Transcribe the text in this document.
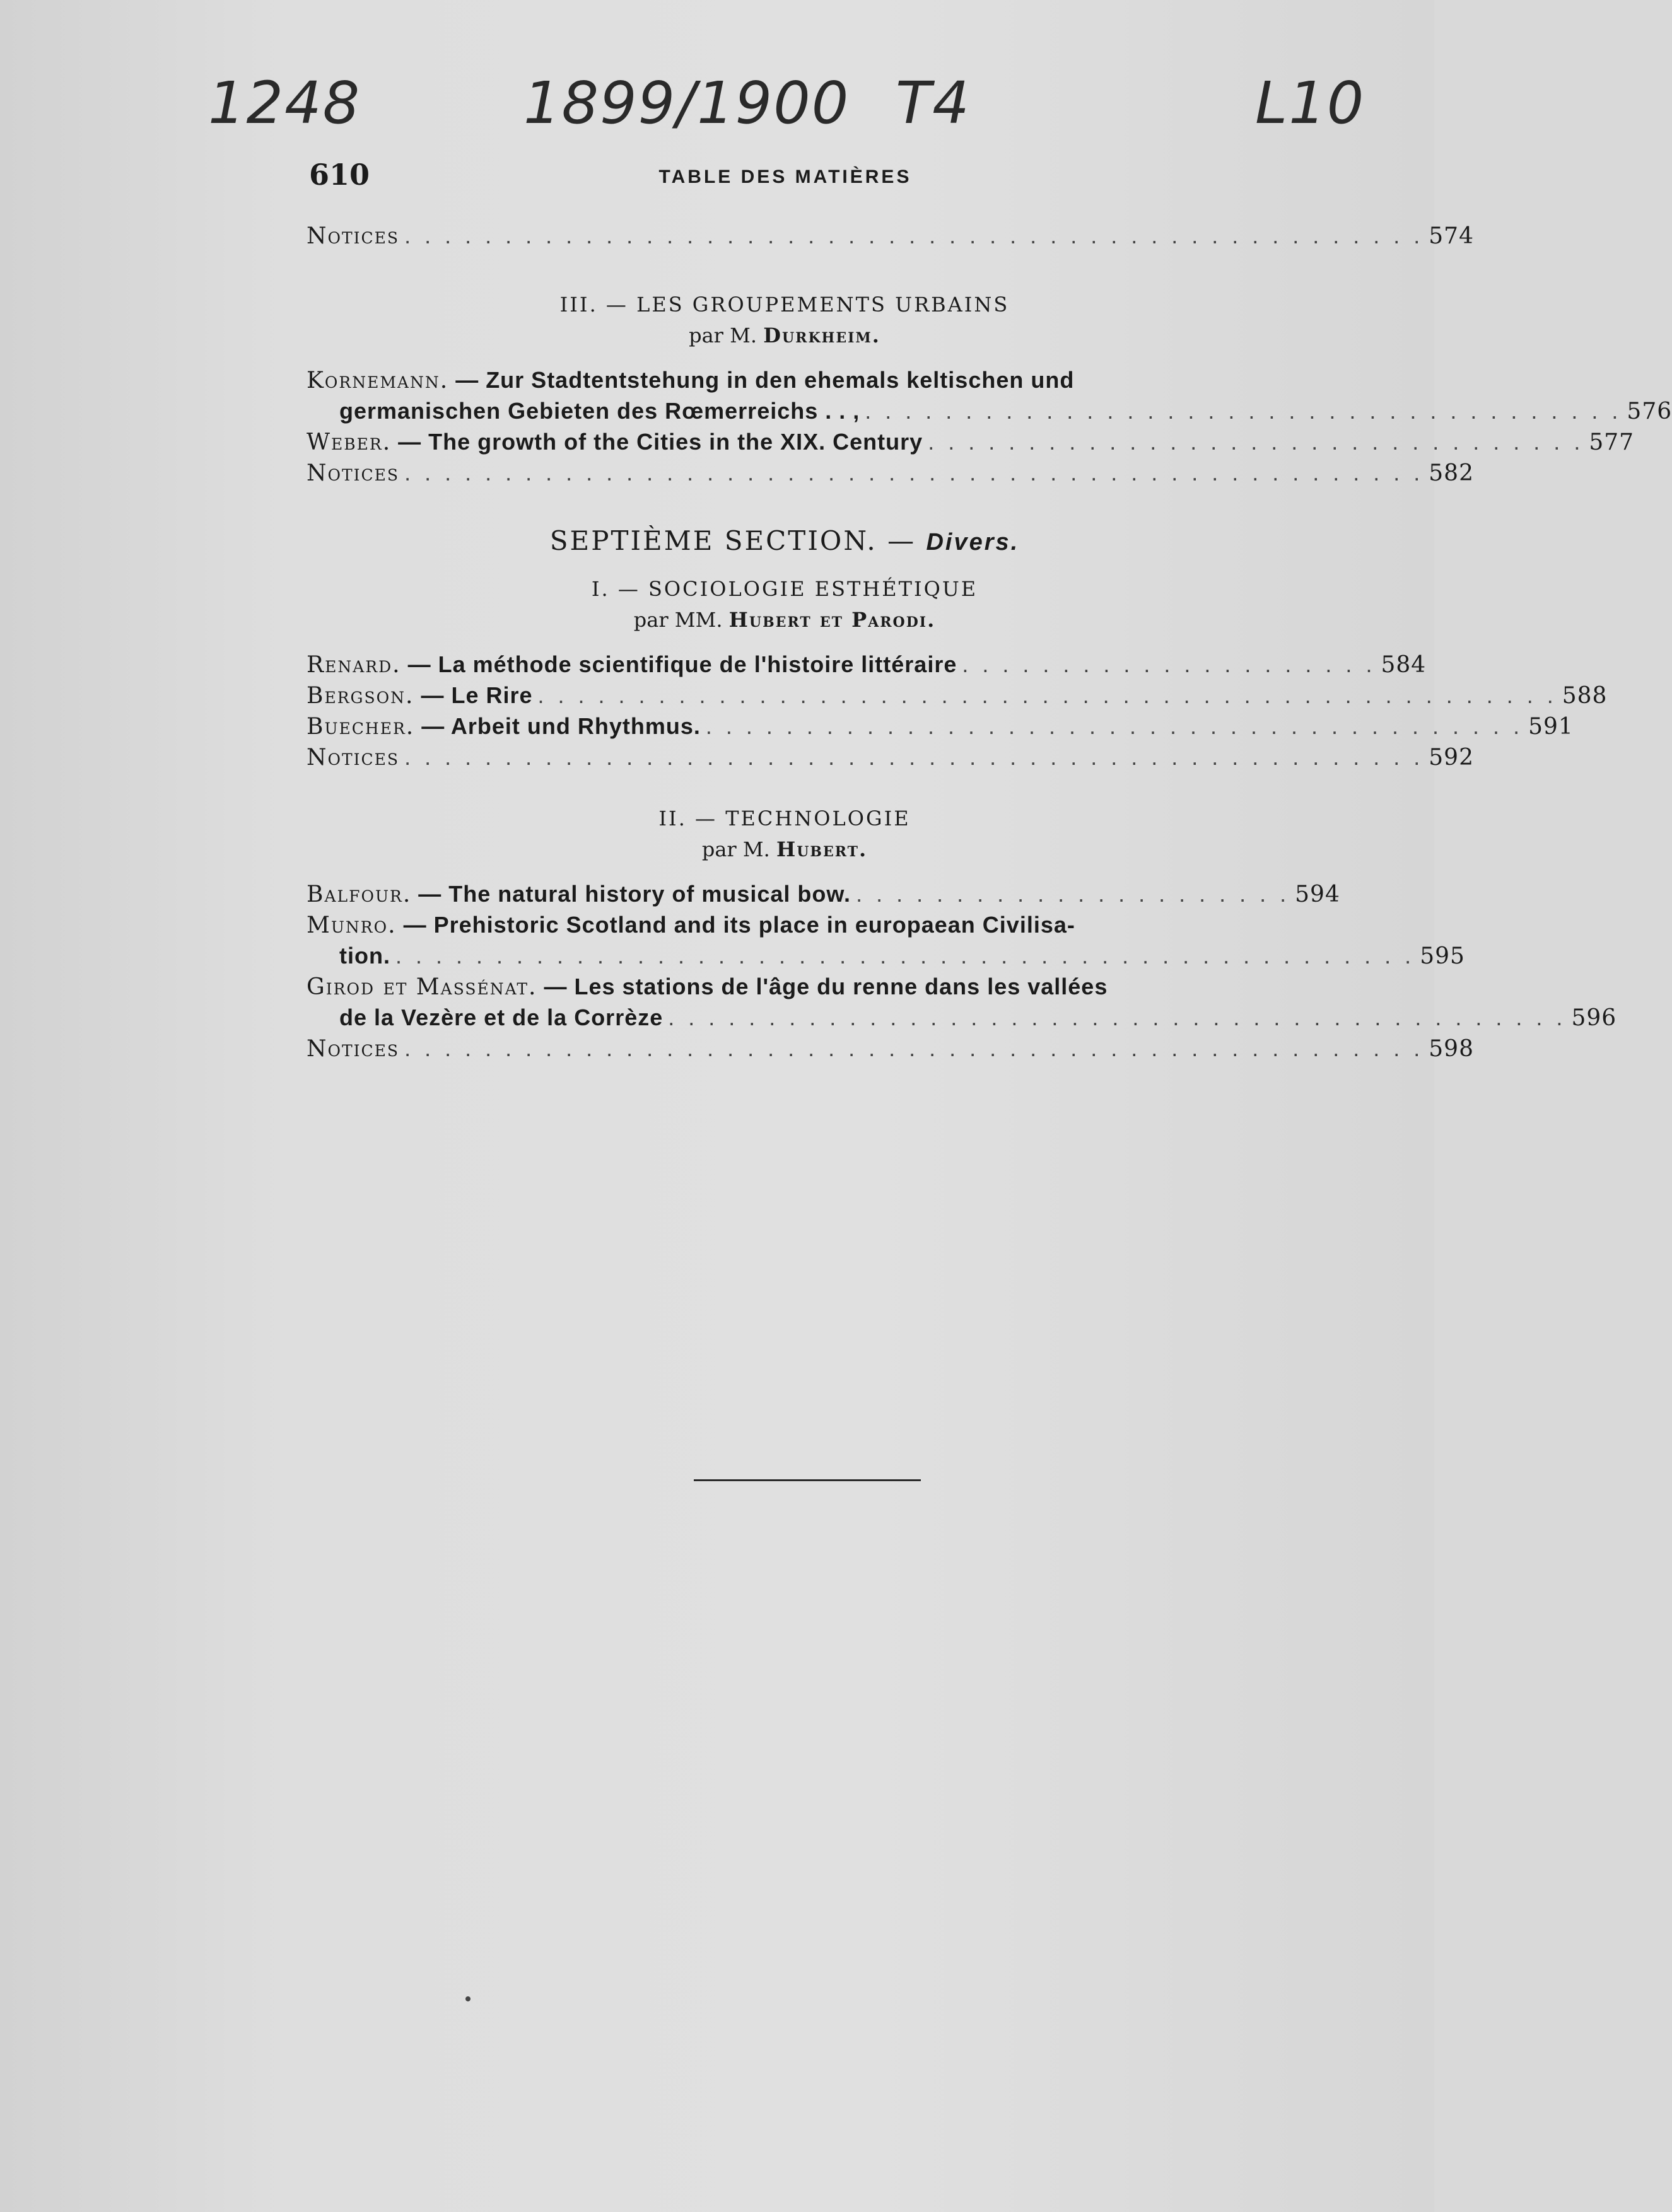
1248	1899/1900 T4	L10
610	TABLE DES MATIÈRES
Notices . . . . . . . . . . . . . . . . . . . . . . . . . . . . . . . . . . . . . . . . . . . . . . . . . . . 574
III. — LES GROUPEMENTS URBAINS
par M. Durkheim.
Kornemann. — Zur Stadtentstehung in den ehemals keltischen und
germanischen Gebieten des Rœmerreichs . . , . . . . . . . . . . . . . . . . . . . . . . . . . . . . . . . . . . . . . . 576
Weber. — The growth of the Cities in the XIX. Century . . . . . . . . . . . . . . . . . . . . . . . . . . . . . . . . . 577
Notices . . . . . . . . . . . . . . . . . . . . . . . . . . . . . . . . . . . . . . . . . . . . . . . . . . . 582
SEPTIÈME SECTION. — Divers.
I. — SOCIOLOGIE ESTHÉTIQUE
par MM. Hubert et Parodi.
Renard. — La méthode scientifique de l'histoire littéraire . . . . . . . . . . . . . . . . . . . . . 584
Bergson. — Le Rire . . . . . . . . . . . . . . . . . . . . . . . . . . . . . . . . . . . . . . . . . . . . . . . . . . . 588
Buecher. — Arbeit und Rhythmus. . . . . . . . . . . . . . . . . . . . . . . . . . . . . . . . . . . . . . . . . . 591
Notices . . . . . . . . . . . . . . . . . . . . . . . . . . . . . . . . . . . . . . . . . . . . . . . . . . . 592
II. — TECHNOLOGIE
par M. Hubert.
Balfour. — The natural history of musical bow. . . . . . . . . . . . . . . . . . . . . . . 594
Munro. — Prehistoric Scotland and its place in europaean Civilisa-
tion. . . . . . . . . . . . . . . . . . . . . . . . . . . . . . . . . . . . . . . . . . . . . . . . . . . . 595
Girod et Massénat. — Les stations de l'âge du renne dans les vallées
de la Vezère et de la Corrèze . . . . . . . . . . . . . . . . . . . . . . . . . . . . . . . . . . . . . . . . . . . . . 596
Notices . . . . . . . . . . . . . . . . . . . . . . . . . . . . . . . . . . . . . . . . . . . . . . . . . . . 598
